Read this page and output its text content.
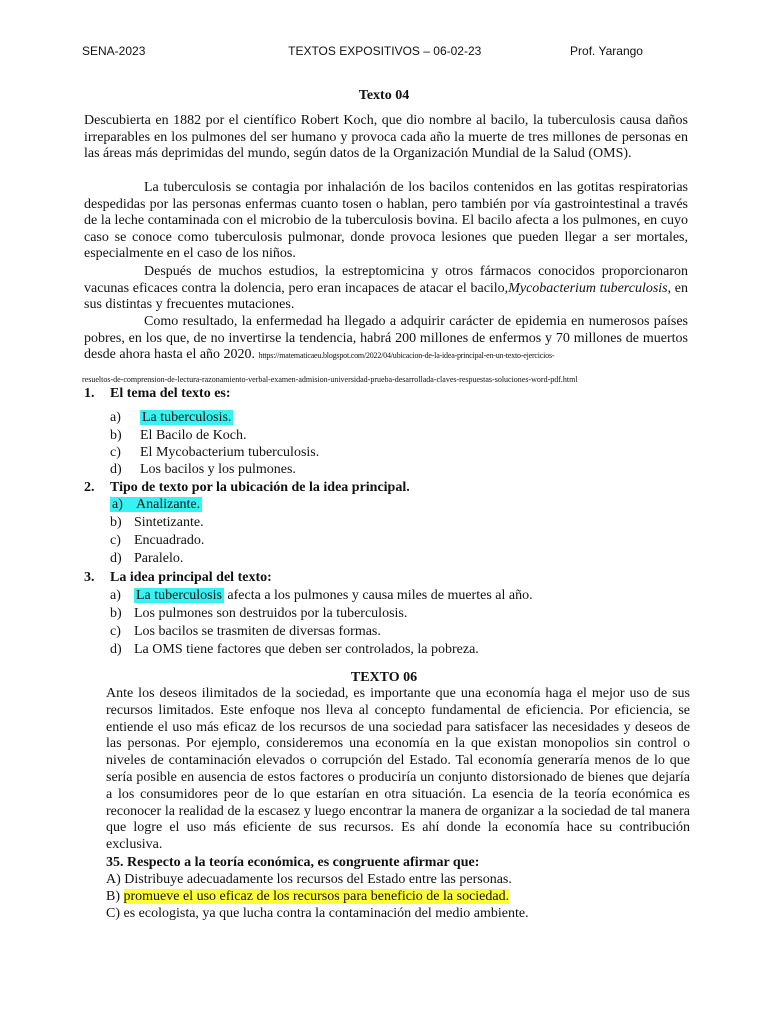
SENA-2023	TEXTOS EXPOSITIVOS – 06-02-23	Prof. Yarango
Texto 04
Descubierta en 1882 por el científico Robert Koch, que dio nombre al bacilo, la tuberculosis causa daños irreparables en los pulmones del ser humano y provoca cada año la muerte de tres millones de personas en las áreas más deprimidas del mundo, según datos de la Organización Mundial de la Salud (OMS).
La tuberculosis se contagia por inhalación de los bacilos contenidos en las gotitas respiratorias despedidas por las personas enfermas cuanto tosen o hablan, pero también por vía gastrointestinal a través de la leche contaminada con el microbio de la tuberculosis bovina. El bacilo afecta a los pulmones, en cuyo caso se conoce como tuberculosis pulmonar, donde provoca lesiones que pueden llegar a ser mortales, especialmente en el caso de los niños.
Después de muchos estudios, la estreptomicina y otros fármacos conocidos proporcionaron vacunas eficaces contra la dolencia, pero eran incapaces de atacar el bacilo,Mycobacterium tuberculosis, en sus distintas y frecuentes mutaciones.
Como resultado, la enfermedad ha llegado a adquirir carácter de epidemia en numerosos países pobres, en los que, de no invertirse la tendencia, habrá 200 millones de enfermos y 70 millones de muertos desde ahora hasta el año 2020. https://matematicaeu.blogspot.com/2022/04/ubicacion-de-la-idea-principal-en-un-texto-ejercicios-
resueltos-de-comprension-de-lectura-razonamiento-verbal-examen-admision-universidad-prueba-desarrollada-claves-respuestas-soluciones-word-pdf.html
1. El tema del texto es:
a) La tuberculosis.
b) El Bacilo de Koch.
c) El Mycobacterium tuberculosis.
d) Los bacilos y los pulmones.
2. Tipo de texto por la ubicación de la idea principal.
a) Analizante.
b) Sintetizante.
c) Encuadrado.
d) Paralelo.
3. La idea principal del texto:
a) La tuberculosis afecta a los pulmones y causa miles de muertes al año.
b) Los pulmones son destruidos por la tuberculosis.
c) Los bacilos se trasmiten de diversas formas.
d) La OMS tiene factores que deben ser controlados, la pobreza.
TEXTO 06
Ante los deseos ilimitados de la sociedad, es importante que una economía haga el mejor uso de sus recursos limitados. Este enfoque nos lleva al concepto fundamental de eficiencia. Por eficiencia, se entiende el uso más eficaz de los recursos de una sociedad para satisfacer las necesidades y deseos de las personas. Por ejemplo, consideremos una economía en la que existan monopolios sin control o niveles de contaminación elevados o corrupción del Estado. Tal economía generaría menos de lo que sería posible en ausencia de estos factores o produciría un conjunto distorsionado de bienes que dejaría a los consumidores peor de lo que estarían en otra situación. La esencia de la teoría económica es reconocer la realidad de la escasez y luego encontrar la manera de organizar a la sociedad de tal manera que logre el uso más eficiente de sus recursos. Es ahí donde la economía hace su contribución exclusiva.
35. Respecto a la teoría económica, es congruente afirmar que:
A) Distribuye adecuadamente los recursos del Estado entre las personas.
B) promueve el uso eficaz de los recursos para beneficio de la sociedad.
C) es ecologista, ya que lucha contra la contaminación del medio ambiente.
